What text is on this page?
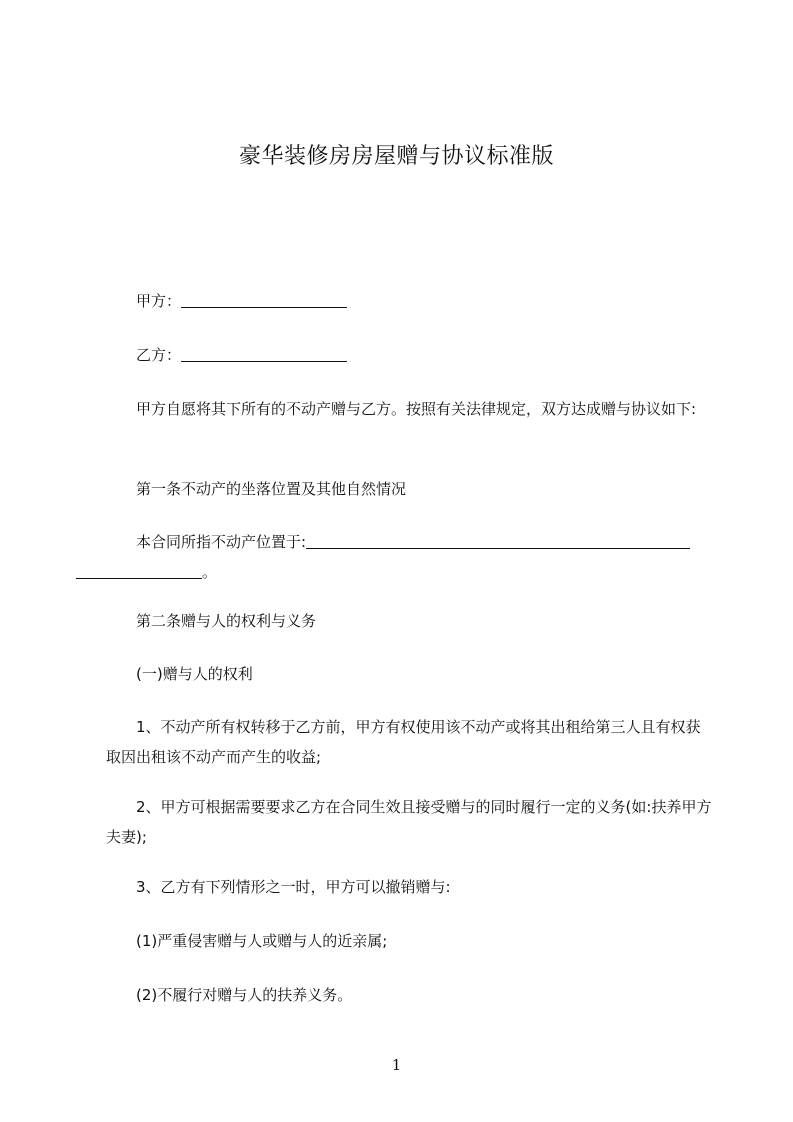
豪华装修房房屋赠与协议标准版
甲方：
乙方：
甲方自愿将其下所有的不动产赠与乙方。按照有关法律规定，双方达成赠与协议如下:
第一条不动产的坐落位置及其他自然情况
本合同所指不动产位置于:
。
第二条赠与人的权利与义务
(一)赠与人的权利
1、不动产所有权转移于乙方前，甲方有权使用该不动产或将其出租给第三人且有权获取因出租该不动产而产生的收益;
2、甲方可根据需要要求乙方在合同生效且接受赠与的同时履行一定的义务(如:扶养甲方夫妻);
3、乙方有下列情形之一时，甲方可以撤销赠与:
(1)严重侵害赠与人或赠与人的近亲属;
(2)不履行对赠与人的扶养义务。
1
